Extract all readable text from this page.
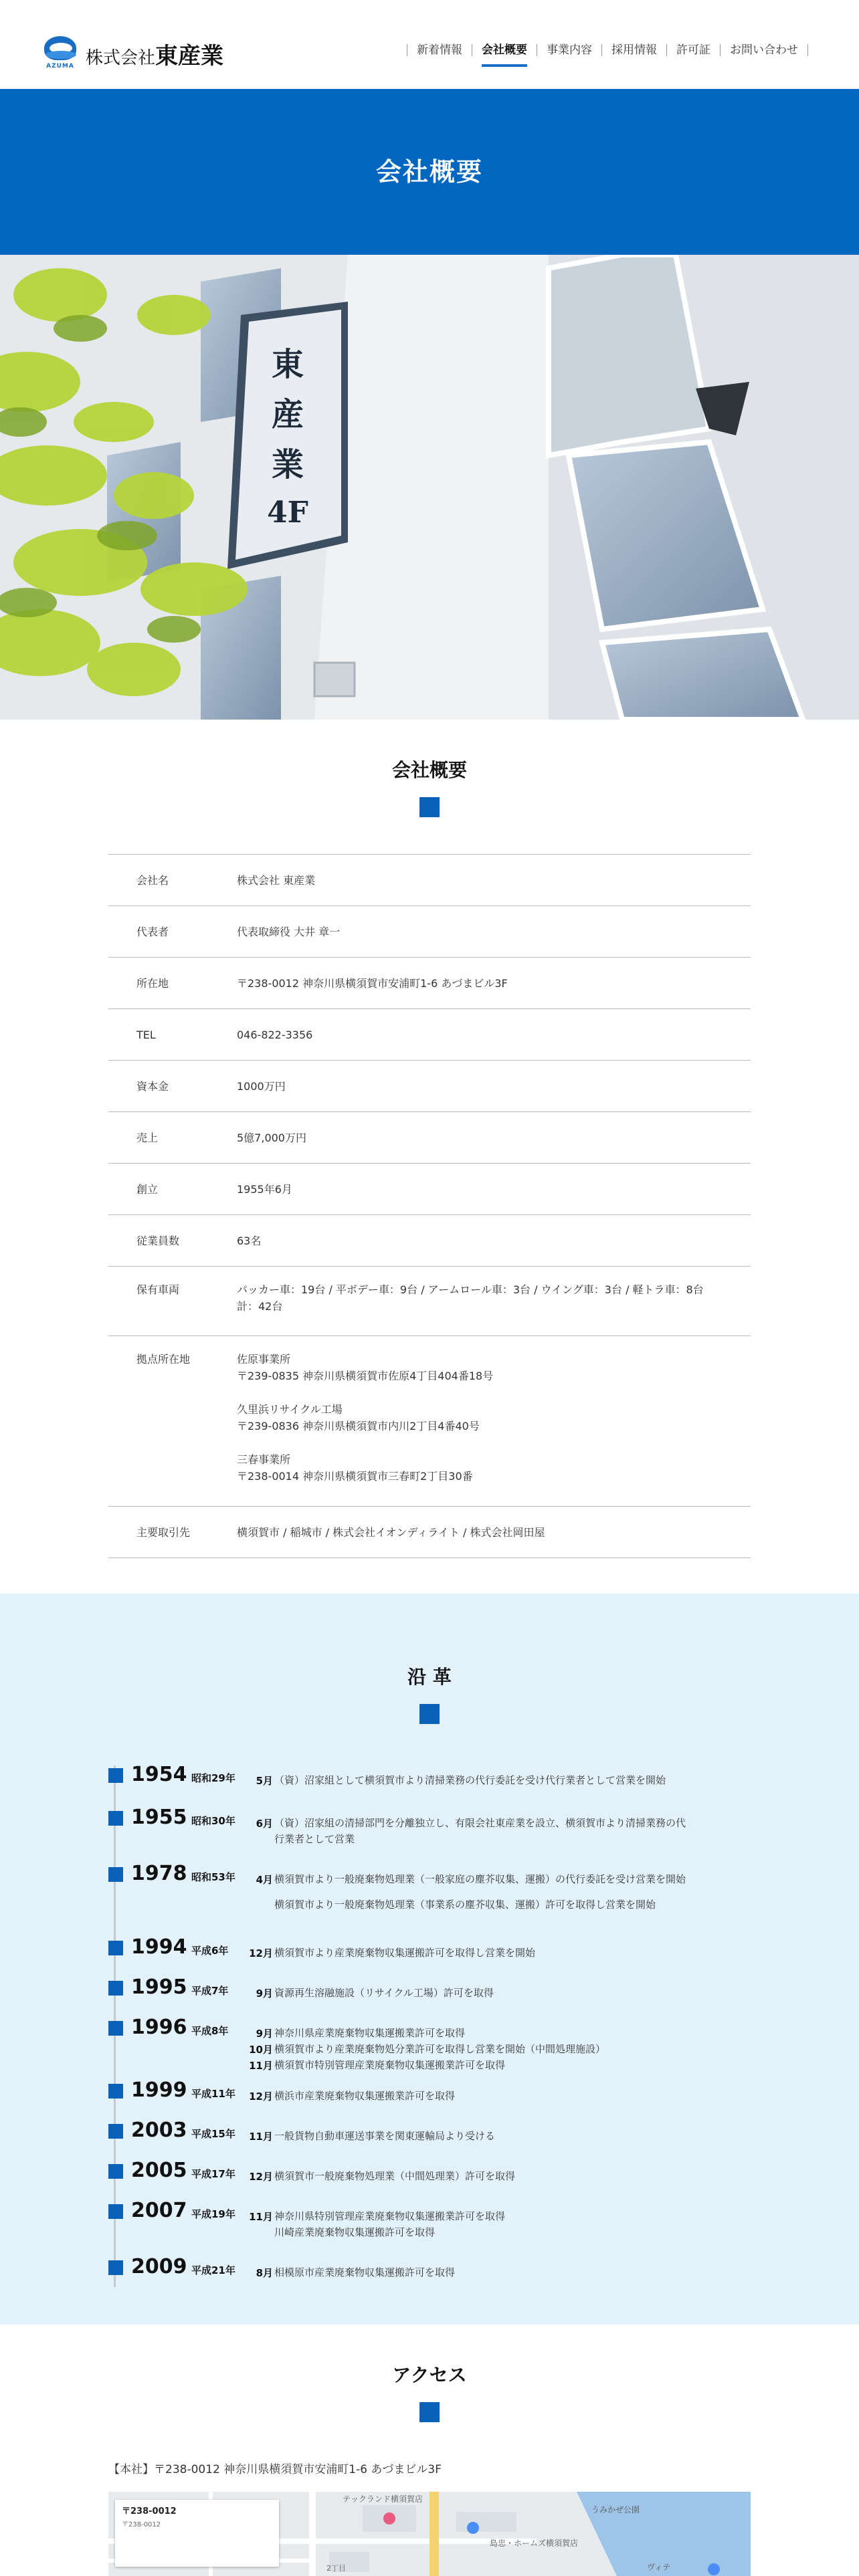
AZUMA 株式会社東産業	新着情報	会社概要	事業内容	採用情報	許可証	お問い合わせ
会社概要
東
産
業
4F
会社概要
会社名	株式会社 東産業
代表者	代表取締役 大井 章一
所在地	〒238-0012 神奈川県横須賀市安浦町1-6 あづまビル3F
TEL	046-822-3356
資本金	1000万円
売上	5億7,000万円
創立	1955年6月
従業員数	63名
保有車両	パッカー車：19台 / 平ボデー車：9台 / アームロール車：3台 / ウイング車：3台 / 軽トラ車：8台
計：42台
拠点所在地	佐原事業所
〒239-0835 神奈川県横須賀市佐原4丁目404番18号
久里浜リサイクル工場
〒239-0836 神奈川県横須賀市内川2丁目4番40号
三春事業所
〒238-0014 神奈川県横須賀市三春町2丁目30番
主要取引先	横須賀市 / 稲城市 / 株式会社イオンディライト / 株式会社岡田屋
沿 革
1954 昭和29年	5月 （資）沼家組として横須賀市より清掃業務の代行委託を受け代行業者として営業を開始
1955 昭和30年	6月 （資）沼家組の清掃部門を分離独立し、有限会社東産業を設立、横須賀市より清掃業務の代
行業者として営業
1978 昭和53年	4月 横須賀市より一般廃棄物処理業（一般家庭の塵芥収集、運搬）の代行委託を受け営業を開始
横須賀市より一般廃棄物処理業（事業系の塵芥収集、運搬）許可を取得し営業を開始
1994 平成6年 12月 横須賀市より産業廃棄物収集運搬許可を取得し営業を開始
1995 平成7年	9月 資源再生溶融施設（リサイクル工場）許可を取得
1996 平成8年	9月 神奈川県産業廃棄物収集運搬業許可を取得
10月 横須賀市より産業廃棄物処分業許可を取得し営業を開始（中間処理施設）
11月 横須賀市特別管理産業廃棄物収集運搬業許可を取得
1999 平成11年 12月 横浜市産業廃棄物収集運搬業許可を取得
2003 平成15年 11月 一般貨物自動車運送事業を関東運輸局より受ける
2005 平成17年 12月 横須賀市一般廃棄物処理業（中間処理業）許可を取得
2007 平成19年 11月 神奈川県特別管理産業廃棄物収集運搬業許可を取得
川崎産業廃棄物収集運搬許可を取得
2009 平成21年	8月 相模原市産業廃棄物収集運搬許可を取得
アクセス
【本社】〒238-0012 神奈川県横須賀市安浦町1-6 あづまビル3F
〒238-0012
〒238-0012
テックランド横須賀店
うみかぜ公園
島忠・ホームズ横須賀店
ヴィテ
2丁目
